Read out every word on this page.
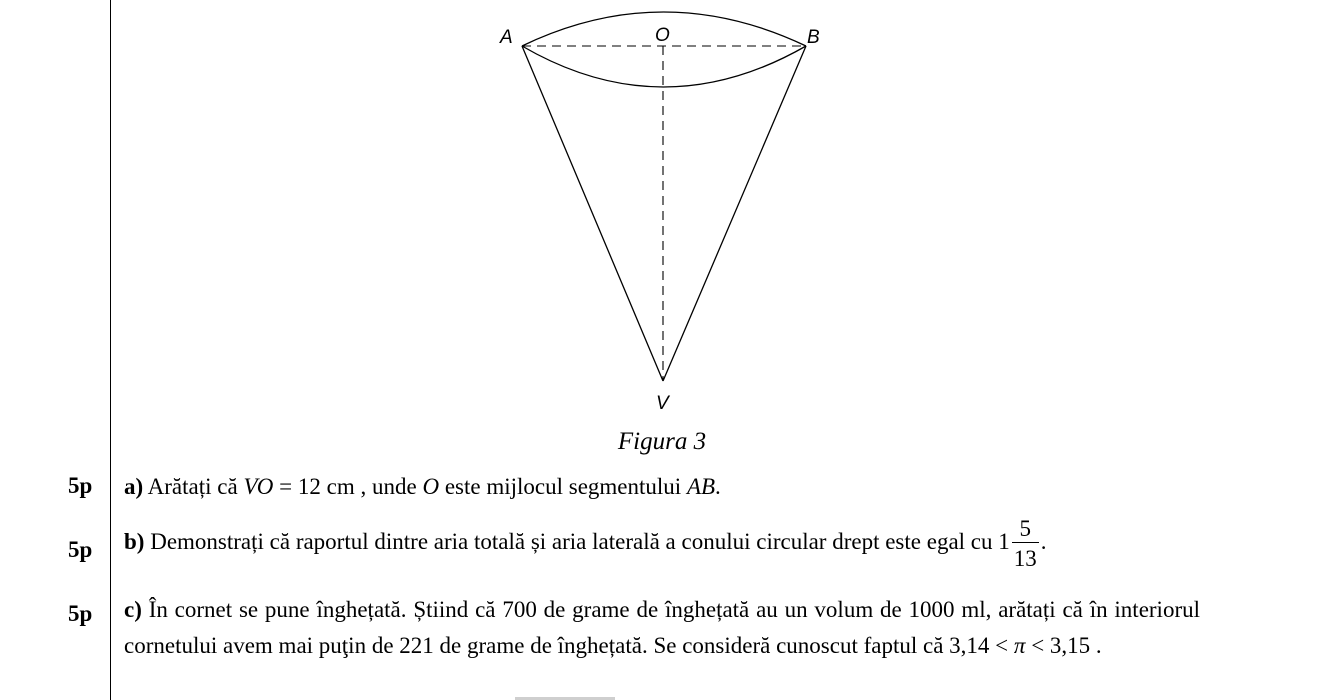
A	O	B
V
Figura 3
5p a) Arătați că VO = 12 cm , unde O este mijlocul segmentului AB.
5p b) Demonstrați că raportul dintre aria totală și aria laterală a conului circular drept este egal cu $1 \frac{5}{13}$ .
5p c) În cornet se pune înghețată. Știind că 700 de grame de înghețată au un volum de 1000 ml, arătați că în interiorul cornetului avem mai puţin de 221 de grame de înghețată. Se consideră cunoscut faptul că 3,14 < π < 3,15 .
